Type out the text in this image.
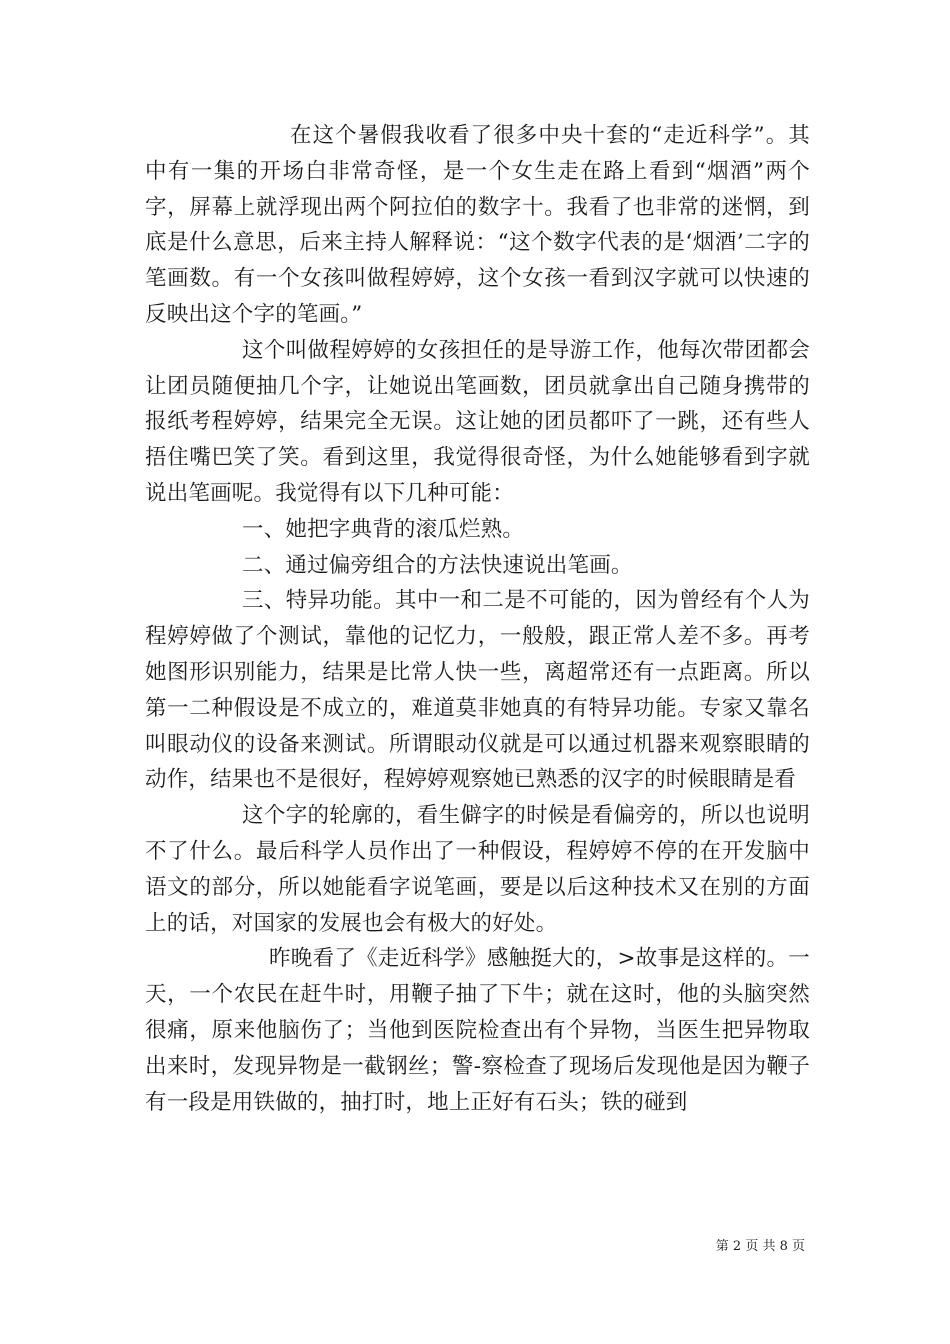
在这个暑假我收看了很多中央十套的“走近科学”。其中有一集的开场白非常奇怪，是一个女生走在路上看到“烟酒”两个字，屏幕上就浮现出两个阿拉伯的数字十。我看了也非常的迷惘，到底是什么意思，后来主持人解释说：“这个数字代表的是‘烟酒’二字的笔画数。有一个女孩叫做程婷婷，这个女孩一看到汉字就可以快速的反映出这个字的笔画。”

这个叫做程婷婷的女孩担任的是导游工作，他每次带团都会让团员随便抽几个字，让她说出笔画数，团员就拿出自己随身携带的报纸考程婷婷，结果完全无误。这让她的团员都吓了一跳，还有些人捂住嘴巴笑了笑。看到这里，我觉得很奇怪，为什么她能够看到字就说出笔画呢。我觉得有以下几种可能：

一、她把字典背的滚瓜烂熟。

二、通过偏旁组合的方法快速说出笔画。

三、特异功能。其中一和二是不可能的，因为曾经有个人为程婷婷做了个测试，靠他的记忆力，一般般，跟正常人差不多。再考她图形识别能力，结果是比常人快一些，离超常还有一点距离。所以第一二种假设是不成立的，难道莫非她真的有特异功能。专家又靠名叫眼动仪的设备来测试。所谓眼动仪就是可以通过机器来观察眼睛的动作，结果也不是很好，程婷婷观察她已熟悉的汉字的时候眼睛是看

这个字的轮廓的，看生僻字的时候是看偏旁的，所以也说明不了什么。最后科学人员作出了一种假设，程婷婷不停的在开发脑中语文的部分，所以她能看字说笔画，要是以后这种技术又在别的方面上的话，对国家的发展也会有极大的好处。

昨晚看了《走近科学》感触挺大的，>故事是这样的。一天，一个农民在赶牛时，用鞭子抽了下牛；就在这时，他的头脑突然很痛，原来他脑伤了；当他到医院检查出有个异物，当医生把异物取出来时，发现异物是一截钢丝；警-察检查了现场后发现他是因为鞭子有一段是用铁做的，抽打时，地上正好有石头；铁的碰到

第 2 页 共 8 页
